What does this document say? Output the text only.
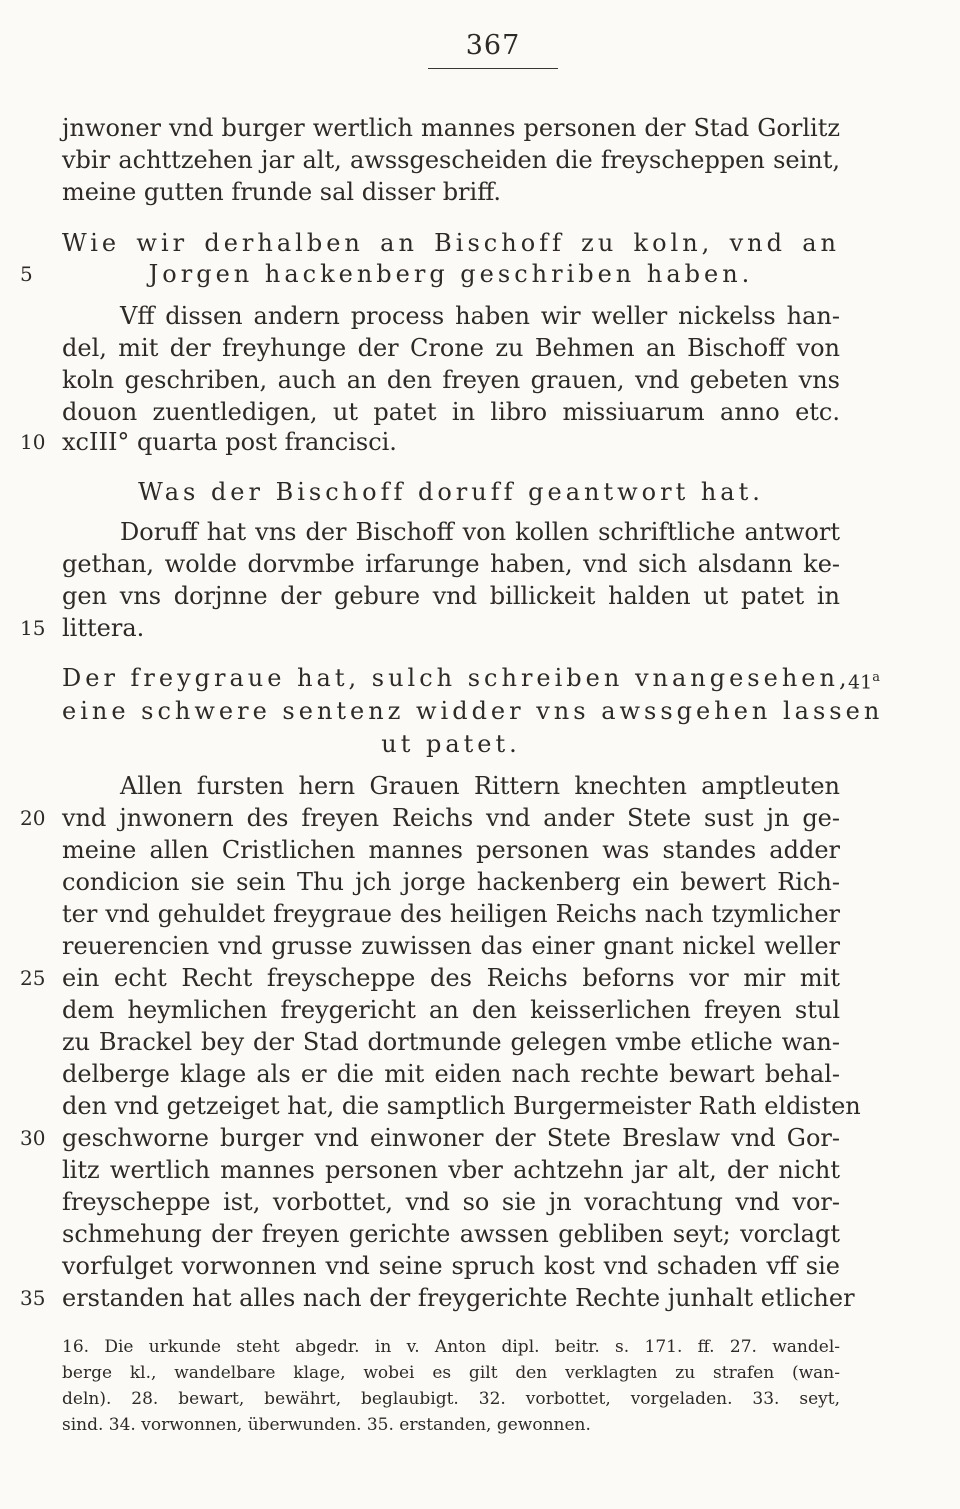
367
jnwoner vnd burger wertlich mannes personen der Stad Gorlitz
vbir achttzehen jar alt, awssgescheiden die freyscheppen seint,
meine gutten frunde sal disser briff.
Wie wir derhalben an Bischoff zu koln, vnd an
5	Jorgen hackenberg geschriben haben.
Vff dissen andern process haben wir weller nickelss han-
del, mit der freyhunge der Crone zu Behmen an Bischoff von
koln geschriben, auch an den freyen grauen, vnd gebeten vns
douon zuentledigen, ut patet in libro missiuarum anno etc.
10 xcIII° quarta post francisci.
Was der Bischoff doruff geantwort hat.
Doruff hat vns der Bischoff von kollen schriftliche antwort
gethan, wolde dorvmbe irfarunge haben, vnd sich alsdann ke-
gen vns dorjnne der gebure vnd billickeit halden ut patet in
15 littera.
Der freygraue hat, sulch schreiben vnangesehen,
41$^a$
eine schwere sentenz widder vns awssgehen lassen
ut patet.
Allen fursten hern Grauen Rittern knechten amptleuten
20 vnd jnwonern des freyen Reichs vnd ander Stete sust jn ge-
meine allen Cristlichen mannes personen was standes adder
condicion sie sein Thu jch jorge hackenberg ein bewert Rich-
ter vnd gehuldet freygraue des heiligen Reichs nach tzymlicher
reuerencien vnd grusse zuwissen das einer gnant nickel weller
25 ein echt Recht freyscheppe des Reichs beforns vor mir mit
dem heymlichen freygericht an den keisserlichen freyen stul
zu Brackel bey der Stad dortmunde gelegen vmbe etliche wan-
delberge klage als er die mit eiden nach rechte bewart behal-
den vnd getzeiget hat, die samptlich Burgermeister Rath eldisten
30 geschworne burger vnd einwoner der Stete Breslaw vnd Gor-
litz wertlich mannes personen vber achtzehn jar alt, der nicht
freyscheppe ist, vorbottet, vnd so sie jn vorachtung vnd vor-
schmehung der freyen gerichte awssen gebliben seyt; vorclagt
vorfulget vorwonnen vnd seine spruch kost vnd schaden vff sie
35 erstanden hat alles nach der freygerichte Rechte junhalt etlicher
16. Die urkunde steht abgedr. in v. Anton dipl. beitr. s. 171. ff. 27. wandel-
berge kl., wandelbare klage, wobei es gilt den verklagten zu strafen (wan-
deln). 28. bewart, bewährt, beglaubigt. 32. vorbottet, vorgeladen. 33. seyt,
sind. 34. vorwonnen, überwunden. 35. erstanden, gewonnen.
